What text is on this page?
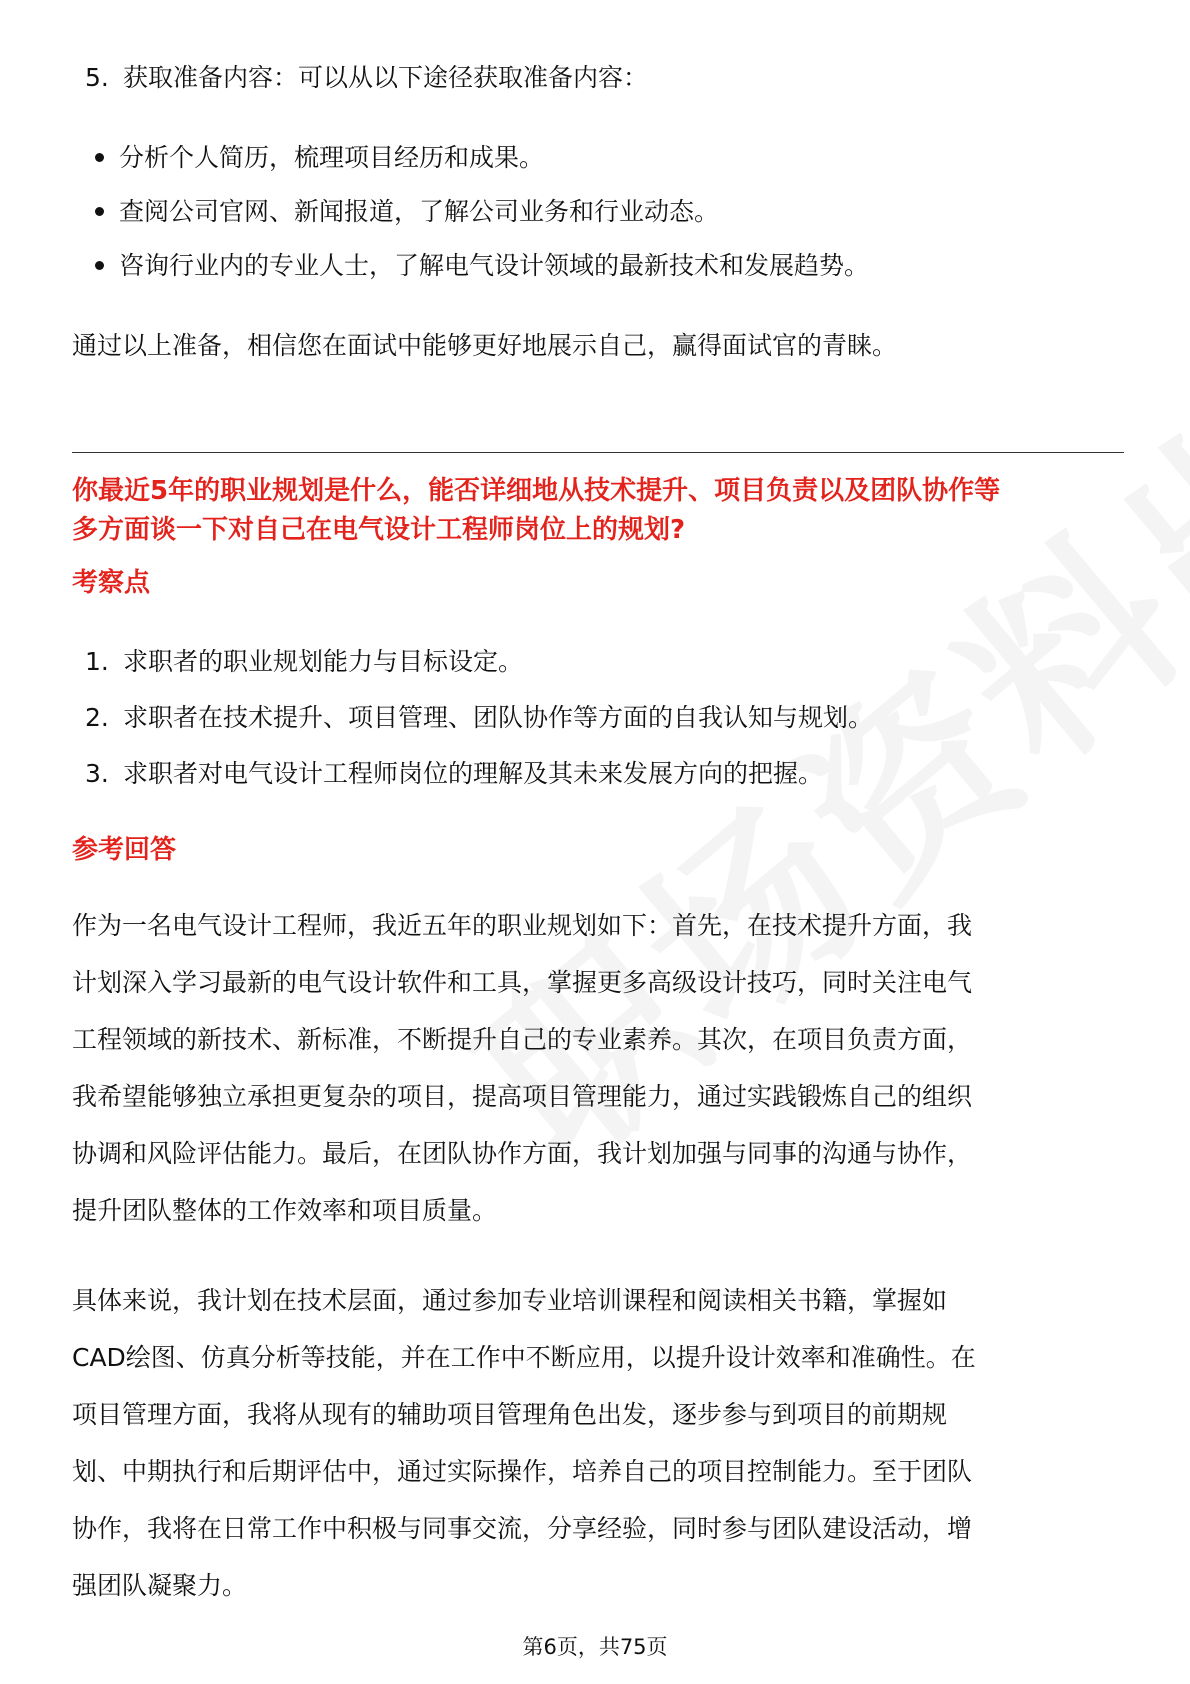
5. 获取准备内容：可以从以下途径获取准备内容：
分析个人简历，梳理项目经历和成果。
查阅公司官网、新闻报道，了解公司业务和行业动态。
咨询行业内的专业人士，了解电气设计领域的最新技术和发展趋势。
通过以上准备，相信您在面试中能够更好地展示自己，赢得面试官的青睐。
你最近5年的职业规划是什么，能否详细地从技术提升、项目负责以及团队协作等
多方面谈一下对自己在电气设计工程师岗位上的规划?
考察点
1. 求职者的职业规划能力与目标设定。
2. 求职者在技术提升、项目管理、团队协作等方面的自我认知与规划。
3. 求职者对电气设计工程师岗位的理解及其未来发展方向的把握。
参考回答
作为一名电气设计工程师，我近五年的职业规划如下：首先，在技术提升方面，我
计划深入学习最新的电气设计软件和工具，掌握更多高级设计技巧，同时关注电气
工程领域的新技术、新标准，不断提升自己的专业素养。其次，在项目负责方面，
我希望能够独立承担更复杂的项目，提高项目管理能力，通过实践锻炼自己的组织
协调和风险评估能力。最后，在团队协作方面，我计划加强与同事的沟通与协作，
提升团队整体的工作效率和项目质量。
具体来说，我计划在技术层面，通过参加专业培训课程和阅读相关书籍，掌握如
CAD绘图、仿真分析等技能，并在工作中不断应用，以提升设计效率和准确性。在
项目管理方面，我将从现有的辅助项目管理角色出发，逐步参与到项目的前期规
划、中期执行和后期评估中，通过实际操作，培养自己的项目控制能力。至于团队
协作，我将在日常工作中积极与同事交流，分享经验，同时参与团队建设活动，增
强团队凝聚力。
第6页，共75页
